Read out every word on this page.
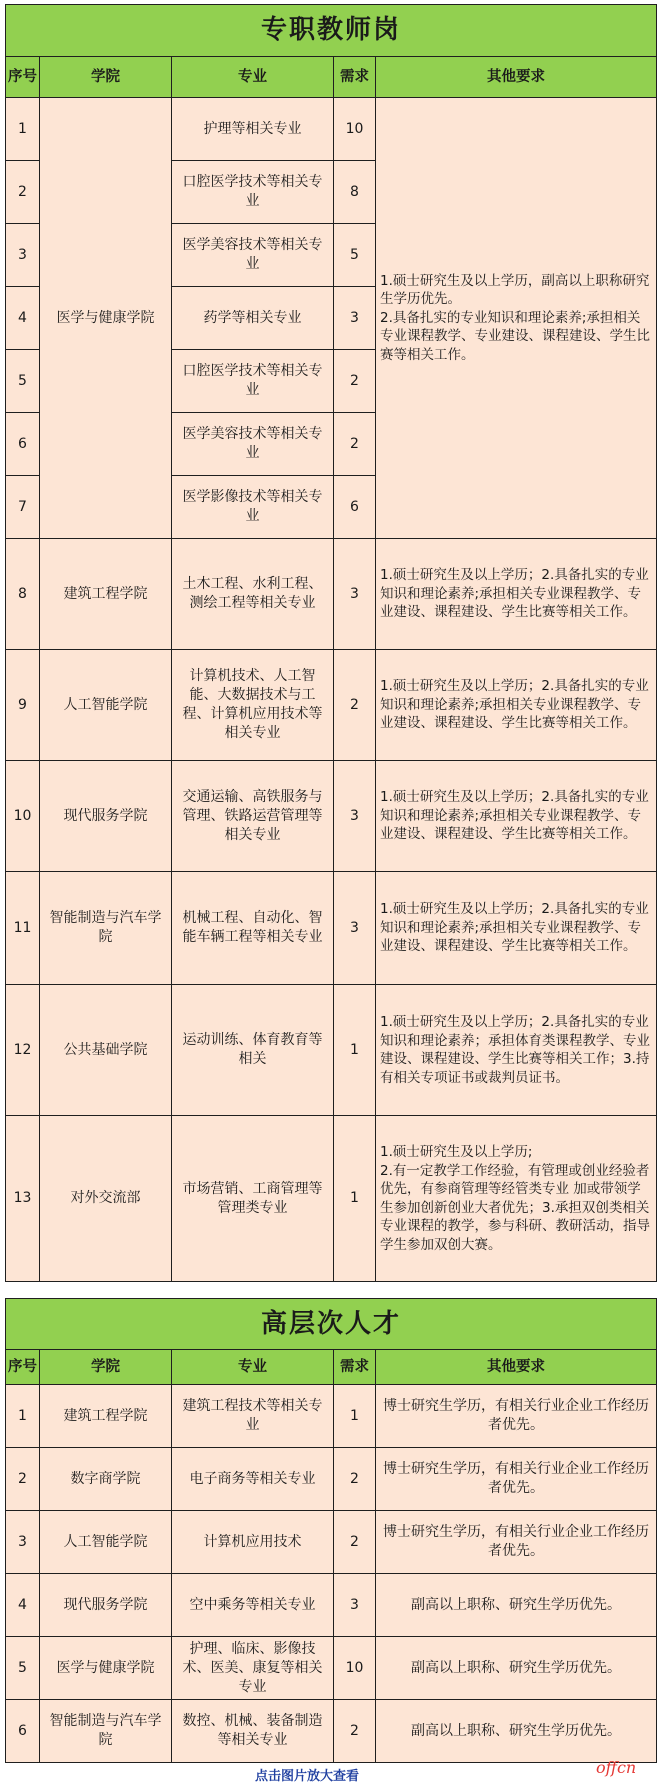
专职教师岗				
序号	学院	专业	需求	其他要求
1	医学与健康学院	护理等相关专业	10	1.硕士研究生及以上学历，副高以上职称研究生学历优先。
2.具备扎实的专业知识和理论素养;承担相关专业课程教学、专业建设、课程建设、学生比赛等相关工作。
2		口腔医学技术等相关专业	8	
3		医学美容技术等相关专业	5	
4		药学等相关专业	3	
5		口腔医学技术等相关专业	2	
6		医学美容技术等相关专业	2	
7		医学影像技术等相关专业	6	
8	建筑工程学院	土木工程、水利工程、测绘工程等相关专业	3	1.硕士研究生及以上学历；2.具备扎实的专业知识和理论素养;承担相关专业课程教学、专业建设、课程建设、学生比赛等相关工作。
9	人工智能学院	计算机技术、人工智能、大数据技术与工程、计算机应用技术等相关专业	2	1.硕士研究生及以上学历；2.具备扎实的专业知识和理论素养;承担相关专业课程教学、专业建设、课程建设、学生比赛等相关工作。
10	现代服务学院	交通运输、高铁服务与管理、铁路运营管理等相关专业	3	1.硕士研究生及以上学历；2.具备扎实的专业知识和理论素养;承担相关专业课程教学、专业建设、课程建设、学生比赛等相关工作。
11	智能制造与汽车学院	机械工程、自动化、智能车辆工程等相关专业	3	1.硕士研究生及以上学历；2.具备扎实的专业知识和理论素养;承担相关专业课程教学、专业建设、课程建设、学生比赛等相关工作。
12	公共基础学院	运动训练、体育教育等相关	1	1.硕士研究生及以上学历；2.具备扎实的专业知识和理论素养；承担体育类课程教学、专业建设、课程建设、学生比赛等相关工作；3.持有相关专项证书或裁判员证书。
13	对外交流部	市场营销、工商管理等管理类专业	1	1.硕士研究生及以上学历;
2.有一定教学工作经验，有管理或创业经验者优先，有参商管理等经管类专业 加或带领学生参加创新创业大者优先；3.承担双创类相关专业课程的教学，参与科研、教研活动，指导学生参加双创大赛。
高层次人才				
序号	学院	专业	需求	其他要求
1	建筑工程学院	建筑工程技术等相关专业	1	博士研究生学历，有相关行业企业工作经历者优先。
2	数字商学院	电子商务等相关专业	2	博士研究生学历，有相关行业企业工作经历者优先。
3	人工智能学院	计算机应用技术	2	博士研究生学历，有相关行业企业工作经历者优先。
4	现代服务学院	空中乘务等相关专业	3	副高以上职称、研究生学历优先。
5	医学与健康学院	护理、临床、影像技术、医美、康复等相关专业	10	副高以上职称、研究生学历优先。
6	智能制造与汽车学院	数控、机械、装备制造等相关专业	2	副高以上职称、研究生学历优先。
点击图片放大查看	offcn
